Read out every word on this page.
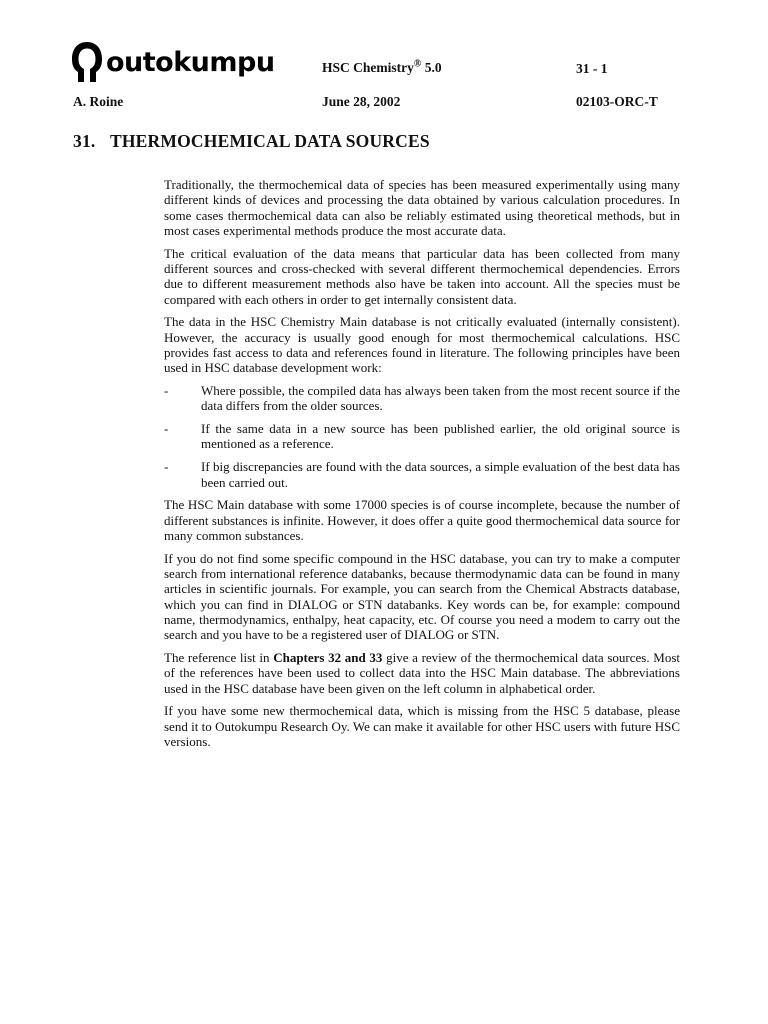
outokumpu	HSC Chemistry® 5.0	31 - 1
A. Roine	June 28, 2002	02103-ORC-T
31. THERMOCHEMICAL DATA SOURCES

Traditionally, the thermochemical data of species has been measured experimentally using many different kinds of devices and processing the data obtained by various calculation procedures. In some cases thermochemical data can also be reliably estimated using theoretical methods, but in most cases experimental methods produce the most accurate data.

The critical evaluation of the data means that particular data has been collected from many different sources and cross-checked with several different thermochemical dependencies. Errors due to different measurement methods also have be taken into account. All the species must be compared with each others in order to get internally consistent data.

The data in the HSC Chemistry Main database is not critically evaluated (internally consistent). However, the accuracy is usually good enough for most thermochemical calculations. HSC provides fast access to data and references found in literature. The following principles have been used in HSC database development work:

-	Where possible, the compiled data has always been taken from the most recent source if the data differs from the older sources.
-	If the same data in a new source has been published earlier, the old original source is mentioned as a reference.
-	If big discrepancies are found with the data sources, a simple evaluation of the best data has been carried out.

The HSC Main database with some 17000 species is of course incomplete, because the number of different substances is infinite. However, it does offer a quite good thermochemical data source for many common substances.

If you do not find some specific compound in the HSC database, you can try to make a computer search from international reference databanks, because thermodynamic data can be found in many articles in scientific journals. For example, you can search from the Chemical Abstracts database, which you can find in DIALOG or STN databanks. Key words can be, for example: compound name, thermodynamics, enthalpy, heat capacity, etc. Of course you need a modem to carry out the search and you have to be a registered user of DIALOG or STN.

The reference list in Chapters 32 and 33 give a review of the thermochemical data sources. Most of the references have been used to collect data into the HSC Main database. The abbreviations used in the HSC database have been given on the left column in alphabetical order.

If you have some new thermochemical data, which is missing from the HSC 5 database, please send it to Outokumpu Research Oy. We can make it available for other HSC users with future HSC versions.
